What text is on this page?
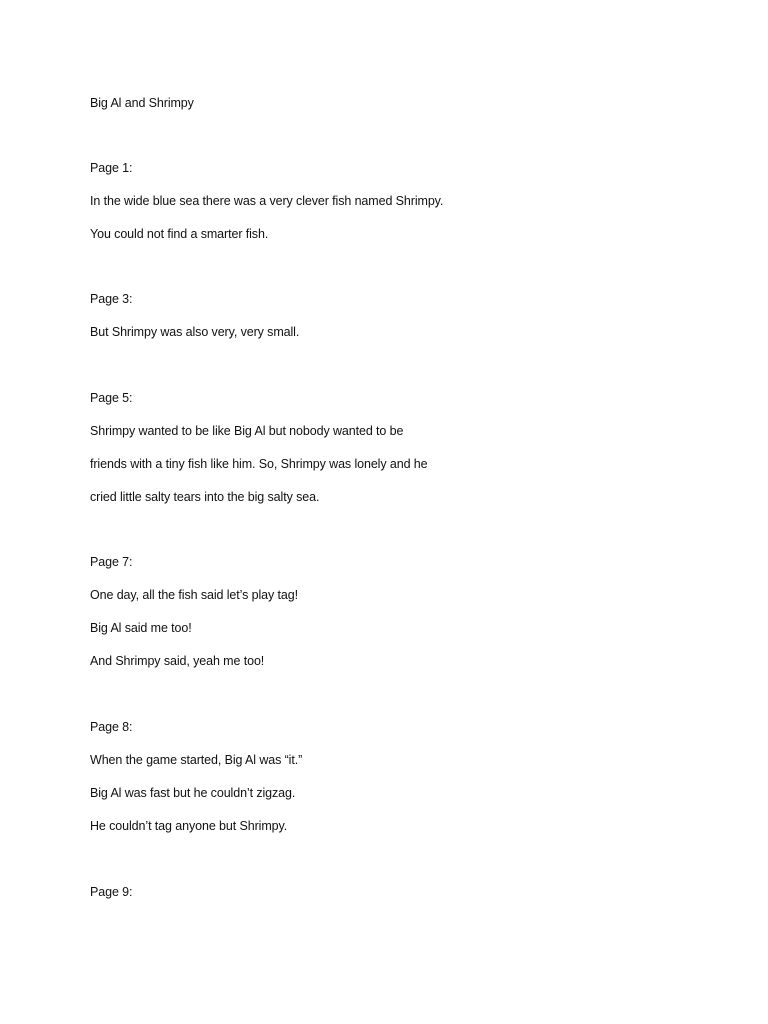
Big Al and Shrimpy

Page 1:

In the wide blue sea there was a very clever fish named Shrimpy.

You could not find a smarter fish.

Page 3:

But Shrimpy was also very, very small.

Page 5:

Shrimpy wanted to be like Big Al but nobody wanted to be

friends with a tiny fish like him. So, Shrimpy was lonely and he

cried little salty tears into the big salty sea.

Page 7:

One day, all the fish said let’s play tag!

Big Al said me too!

And Shrimpy said, yeah me too!

Page 8:

When the game started, Big Al was “it.”

Big Al was fast but he couldn’t zigzag.

He couldn’t tag anyone but Shrimpy.

Page 9:
